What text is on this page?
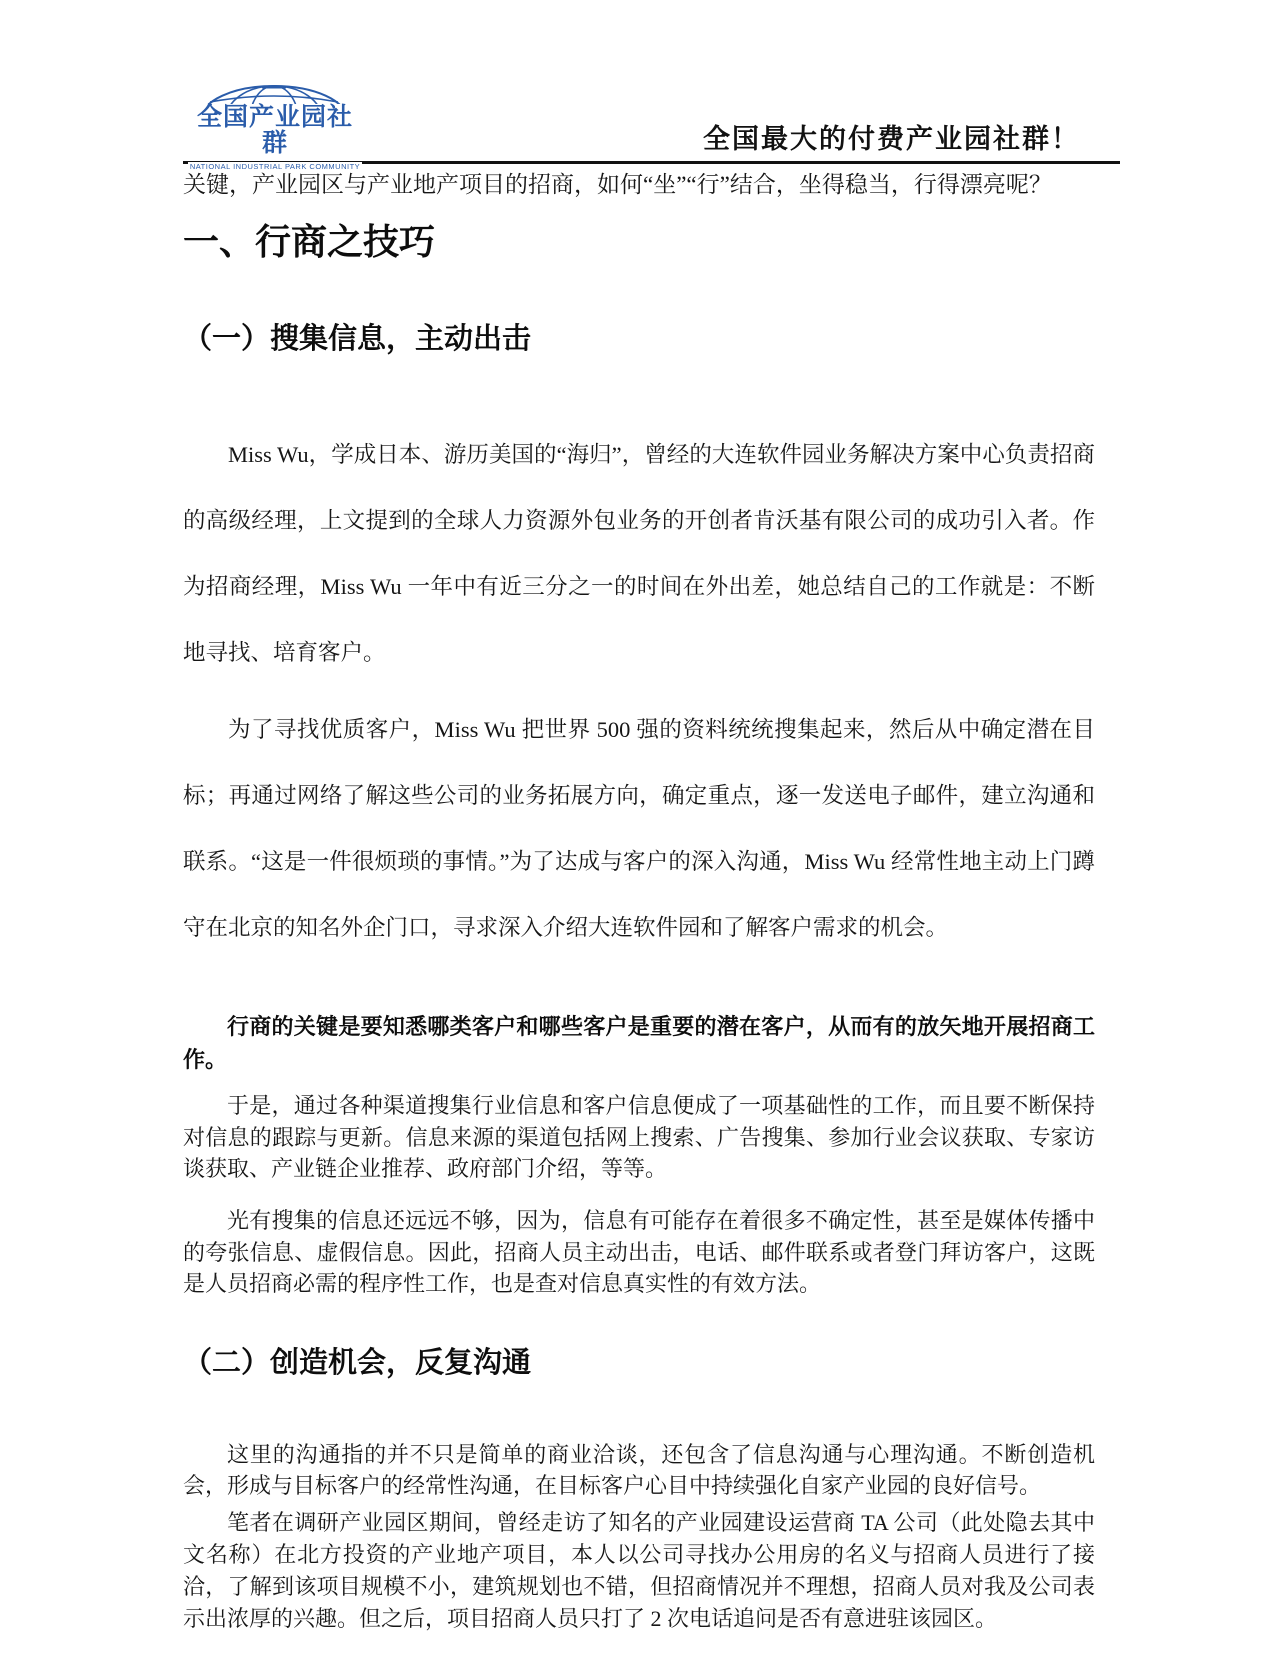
全国产业园社群
NATIONAL INDUSTRIAL PARK COMMUNITY
全国最大的付费产业园社群！

关键，产业园区与产业地产项目的招商，如何“坐”“行”结合，坐得稳当，行得漂亮呢？

一、行商之技巧
（一）搜集信息，主动出击

Miss Wu，学成日本、游历美国的“海归”，曾经的大连软件园业务解决方案中心负责招商的高级经理，上文提到的全球人力资源外包业务的开创者肯沃基有限公司的成功引入者。作为招商经理，Miss Wu 一年中有近三分之一的时间在外出差，她总结自己的工作就是：不断地寻找、培育客户。

为了寻找优质客户，Miss Wu 把世界 500 强的资料统统搜集起来，然后从中确定潜在目标；再通过网络了解这些公司的业务拓展方向，确定重点，逐一发送电子邮件，建立沟通和联系。“这是一件很烦琐的事情。”为了达成与客户的深入沟通，Miss Wu 经常性地主动上门蹲守在北京的知名外企门口，寻求深入介绍大连软件园和了解客户需求的机会。

行商的关键是要知悉哪类客户和哪些客户是重要的潜在客户，从而有的放矢地开展招商工作。

于是，通过各种渠道搜集行业信息和客户信息便成了一项基础性的工作，而且要不断保持对信息的跟踪与更新。信息来源的渠道包括网上搜索、广告搜集、参加行业会议获取、专家访谈获取、产业链企业推荐、政府部门介绍，等等。

光有搜集的信息还远远不够，因为，信息有可能存在着很多不确定性，甚至是媒体传播中的夸张信息、虚假信息。因此，招商人员主动出击，电话、邮件联系或者登门拜访客户，这既是人员招商必需的程序性工作，也是查对信息真实性的有效方法。

（二）创造机会，反复沟通

这里的沟通指的并不只是简单的商业洽谈，还包含了信息沟通与心理沟通。不断创造机会，形成与目标客户的经常性沟通，在目标客户心目中持续强化自家产业园的良好信号。

笔者在调研产业园区期间，曾经走访了知名的产业园建设运营商 TA 公司（此处隐去其中文名称）在北方投资的产业地产项目，本人以公司寻找办公用房的名义与招商人员进行了接洽，了解到该项目规模不小，建筑规划也不错，但招商情况并不理想，招商人员对我及公司表示出浓厚的兴趣。但之后，项目招商人员只打了 2 次电话追问是否有意进驻该园区。
